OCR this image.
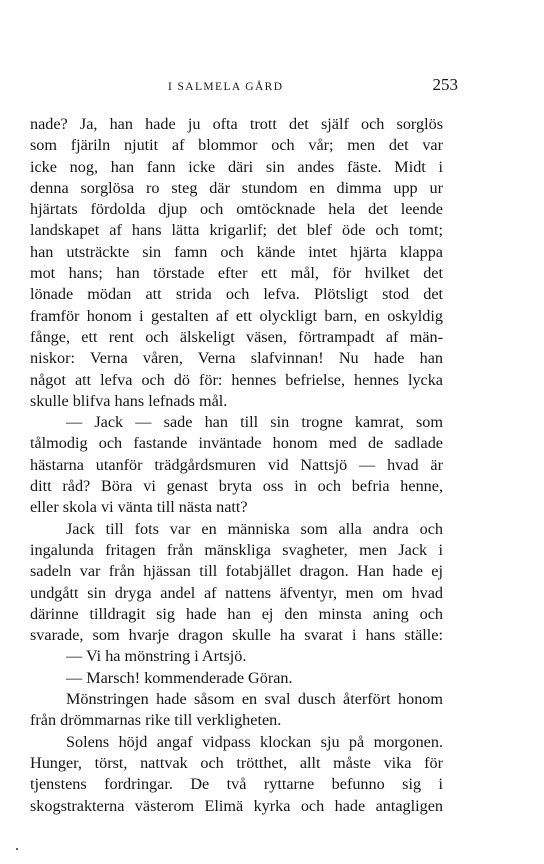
I SALMELA GÅRD	253
nade? Ja, han hade ju ofta trott det själf och sorglös
som fjäriln njutit af blommor och vår; men det var
icke nog, han fann icke däri sin andes fäste. Midt i
denna sorglösa ro steg där stundom en dimma upp ur
hjärtats fördolda djup och omtöcknade hela det leende
landskapet af hans lätta krigarlif; det blef öde och tomt;
han utsträckte sin famn och kände intet hjärta klappa
mot hans; han törstade efter ett mål, för hvilket det
lönade mödan att strida och lefva. Plötsligt stod det
framför honom i gestalten af ett olyckligt barn, en oskyldig
fånge, ett rent och älskeligt väsen, förtrampadt af män-
niskor: Verna våren, Verna slafvinnan! Nu hade han
något att lefva och dö för: hennes befrielse, hennes lycka
skulle blifva hans lefnads mål.
— Jack — sade han till sin trogne kamrat, som
tålmodig och fastande inväntade honom med de sadlade
hästarna utanför trädgårdsmuren vid Nattsjö — hvad är
ditt råd? Böra vi genast bryta oss in och befria henne,
eller skola vi vänta till nästa natt?
Jack till fots var en människa som alla andra och
ingalunda fritagen från mänskliga svagheter, men Jack i
sadeln var från hjässan till fotabjället dragon. Han hade ej
undgått sin dryga andel af nattens äfventyr, men om hvad
därinne tilldragit sig hade han ej den minsta aning och
svarade, som hvarje dragon skulle ha svarat i hans ställe:
— Vi ha mönstring i Artsjö.
— Marsch! kommenderade Göran.
Mönstringen hade såsom en sval dusch återfört honom
från drömmarnas rike till verkligheten.
Solens höjd angaf vidpass klockan sju på morgonen.
Hunger, törst, nattvak och trötthet, allt måste vika för
tjenstens fordringar. De två ryttarne befunno sig i
skogstrakterna västerom Elimä kyrka och hade antagligen
